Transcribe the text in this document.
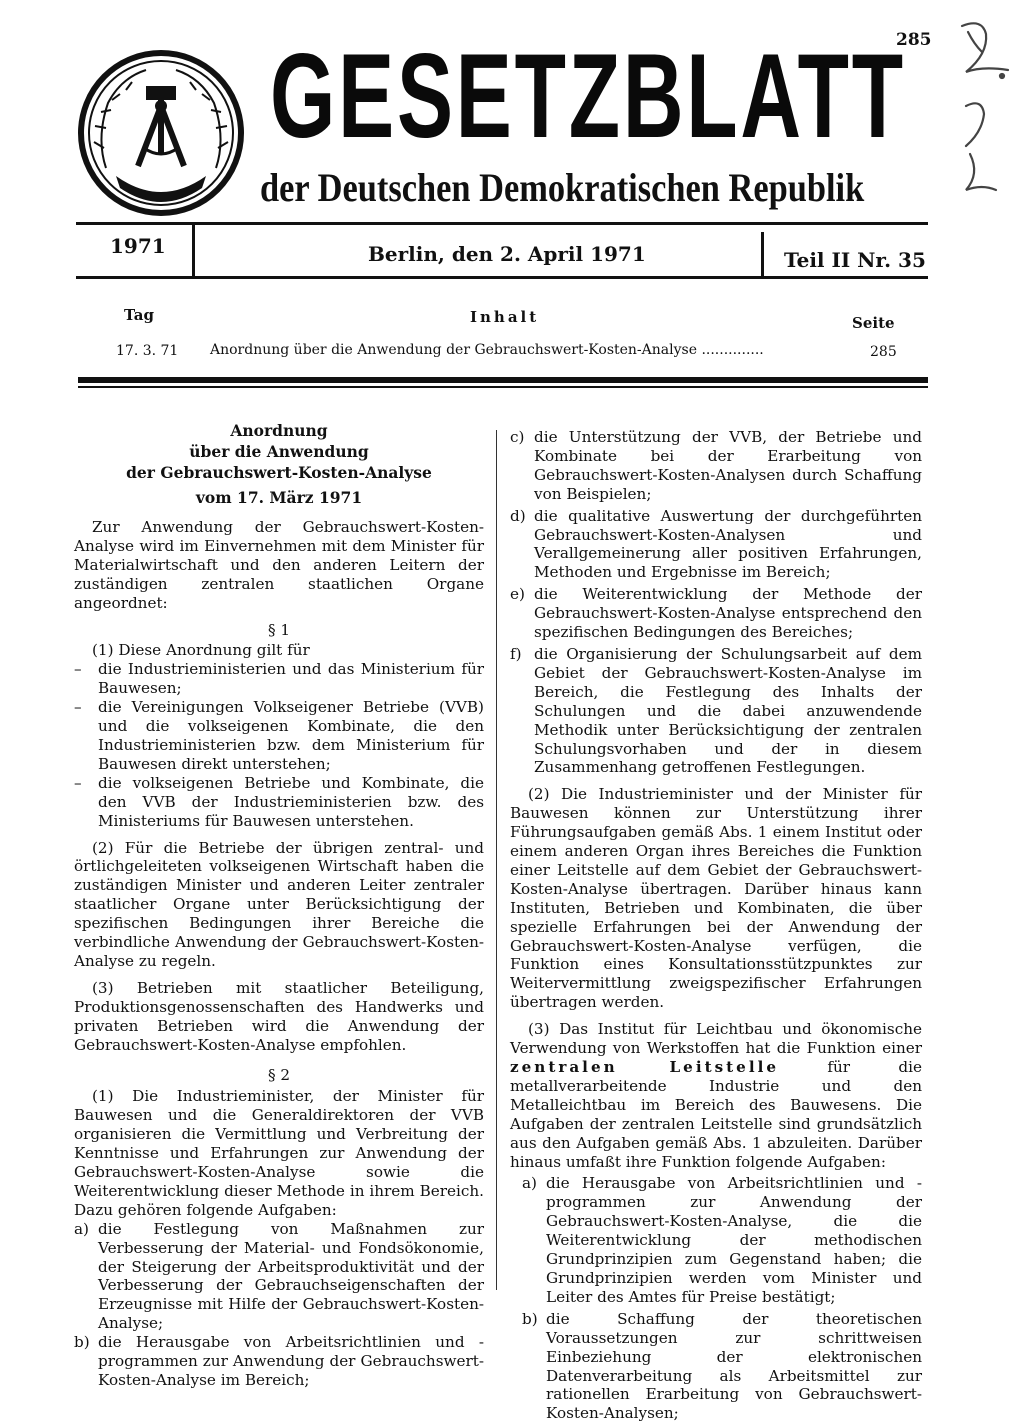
285
GESETZBLATT
der Deutschen Demokratischen Republik
1971	Berlin, den 2. April 1971	Teil II Nr. 35
Tag	Inhalt	Seite
17. 3. 71 Anordnung über die Anwendung der Gebrauchswert-Kosten-Analyse ..............	285

Anordnung

über die Anwendung

der Gebrauchswert-Kosten-Analyse

vom 17. März 1971

Zur Anwendung der Gebrauchswert-Kosten-Analyse wird im Einvernehmen mit dem Minister für Materialwirtschaft und den anderen Leitern der zuständigen zentralen staatlichen Organe angeordnet:

§ 1

(1) Diese Anordnung gilt für

–	die Industrieministerien und das Ministerium für Bauwesen;
–	die Vereinigungen Volkseigener Betriebe (VVB) und die volkseigenen Kombinate, die den Industrieministerien bzw. dem Ministerium für Bauwesen direkt unterstehen;
–	die volkseigenen Betriebe und Kombinate, die den VVB der Industrieministerien bzw. des Ministeriums für Bauwesen unterstehen.

(2) Für die Betriebe der übrigen zentral- und örtlichgeleiteten volkseigenen Wirtschaft haben die zuständigen Minister und anderen Leiter zentraler staatlicher Organe unter Berücksichtigung der spezifischen Bedingungen ihrer Bereiche die verbindliche Anwendung der Gebrauchswert-Kosten-Analyse zu regeln.

(3) Betrieben mit staatlicher Beteiligung, Produktionsgenossenschaften des Handwerks und privaten Betrieben wird die Anwendung der Gebrauchswert-Kosten-Analyse empfohlen.

§ 2

(1) Die Industrieminister, der Minister für Bauwesen und die Generaldirektoren der VVB organisieren die Vermittlung und Verbreitung der Kenntnisse und Erfahrungen zur Anwendung der Gebrauchswert-Kosten-Analyse sowie die Weiterentwicklung dieser Methode in ihrem Bereich. Dazu gehören folgende Aufgaben:

a) die Festlegung von Maßnahmen zur Verbesserung der Material- und Fondsökonomie, der Steigerung der Arbeitsproduktivität und der Verbesserung der Gebrauchseigenschaften der Erzeugnisse mit Hilfe der Gebrauchswert-Kosten-Analyse;
b) die Herausgabe von Arbeitsrichtlinien und -programmen zur Anwendung der Gebrauchswert-Kosten-Analyse im Bereich;
c) die Unterstützung der VVB, der Betriebe und Kombinate bei der Erarbeitung von Gebrauchswert-Kosten-Analysen durch Schaffung von Beispielen;
d) die qualitative Auswertung der durchgeführten Gebrauchswert-Kosten-Analysen und Verallgemeinerung aller positiven Erfahrungen, Methoden und Ergebnisse im Bereich;
e) die Weiterentwicklung der Methode der Gebrauchswert-Kosten-Analyse entsprechend den spezifischen Bedingungen des Bereiches;
f) die Organisierung der Schulungsarbeit auf dem Gebiet der Gebrauchswert-Kosten-Analyse im Bereich, die Festlegung des Inhalts der Schulungen und die dabei anzuwendende Methodik unter Berücksichtigung der zentralen Schulungsvorhaben und der in diesem Zusammenhang getroffenen Festlegungen.

(2) Die Industrieminister und der Minister für Bauwesen können zur Unterstützung ihrer Führungsaufgaben gemäß Abs. 1 einem Institut oder einem anderen Organ ihres Bereiches die Funktion einer Leitstelle auf dem Gebiet der Gebrauchswert-Kosten-Analyse übertragen. Darüber hinaus kann Instituten, Betrieben und Kombinaten, die über spezielle Erfahrungen bei der Anwendung der Gebrauchswert-Kosten-Analyse verfügen, die Funktion eines Konsultationsstützpunktes zur Weitervermittlung zweigspezifischer Erfahrungen übertragen werden.

(3) Das Institut für Leichtbau und ökonomische Verwendung von Werkstoffen hat die Funktion einer zentralen Leitstelle	für die metallverarbeitende Industrie und den Metalleichtbau im Bereich des Bauwesens. Die Aufgaben der zentralen Leitstelle sind grundsätzlich aus den Aufgaben gemäß Abs. 1 abzuleiten. Darüber hinaus umfaßt ihre Funktion folgende Aufgaben:

a) die Herausgabe von Arbeitsrichtlinien und -programmen zur Anwendung der Gebrauchswert-Kosten-Analyse, die die Weiterentwicklung der methodischen Grundprinzipien zum Gegenstand haben; die Grundprinzipien werden vom Minister und Leiter des Amtes für Preise bestätigt;
b) die Schaffung der theoretischen Voraussetzungen zur schrittweisen Einbeziehung der elektronischen Datenverarbeitung als Arbeitsmittel zur rationellen Erarbeitung von Gebrauchswert-Kosten-Analysen;
